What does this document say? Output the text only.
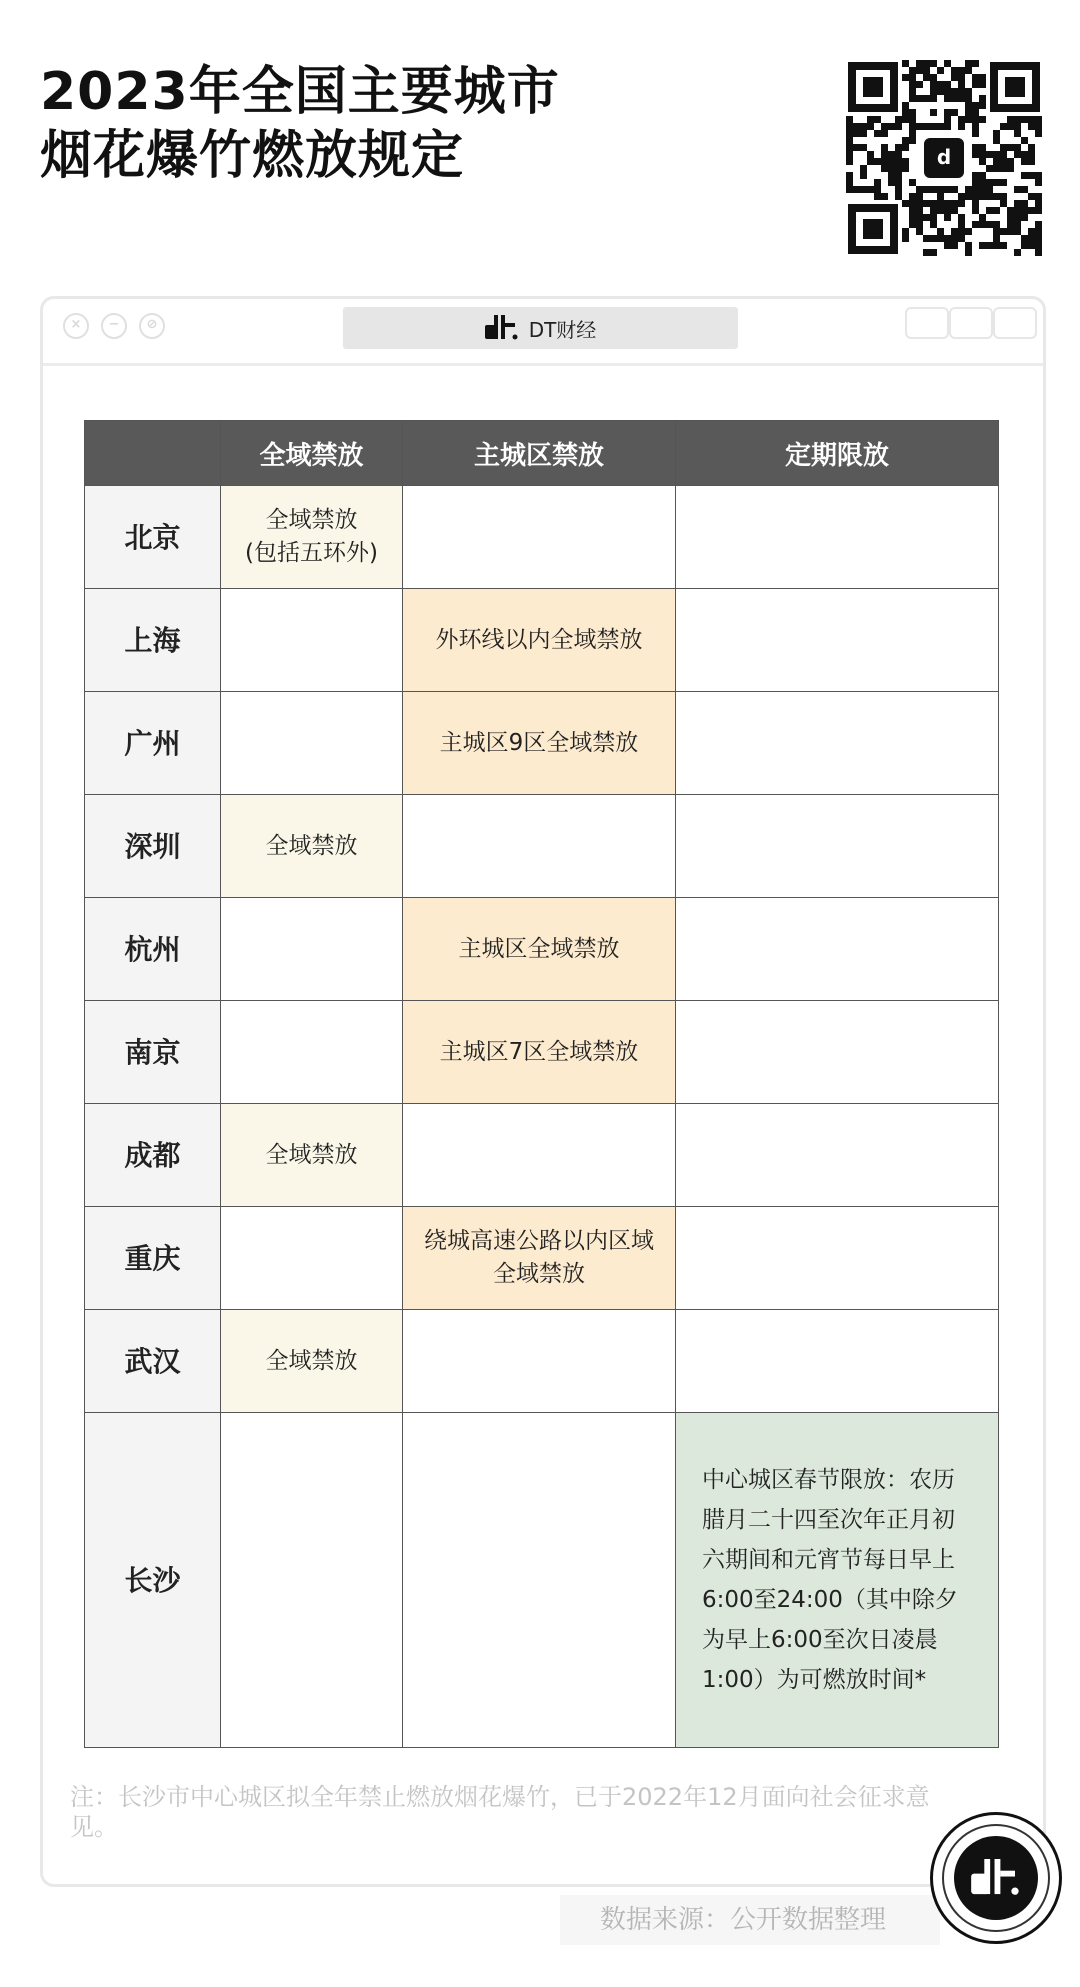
2023年全国主要城市
烟花爆竹燃放规定	d
×	−	⊘	DT财经
	全域禁放	主城区禁放	定期限放
北京	全域禁放
(包括五环外)		
上海		外环线以内全域禁放	
广州		主城区9区全域禁放	
深圳	全域禁放		
杭州		主城区全域禁放	
南京		主城区7区全域禁放	
成都	全域禁放		
重庆		绕城高速公路以内区域
全域禁放	
武汉	全域禁放		
长沙			中心城区春节限放：农历腊月二十四至次年正月初六期间和元宵节每日早上6:00至24:00（其中除夕为早上6:00至次日凌晨1:00）为可燃放时间*
注：长沙市中心城区拟全年禁止燃放烟花爆竹，已于2022年12月面向社会征求意见。
数据来源：公开数据整理
